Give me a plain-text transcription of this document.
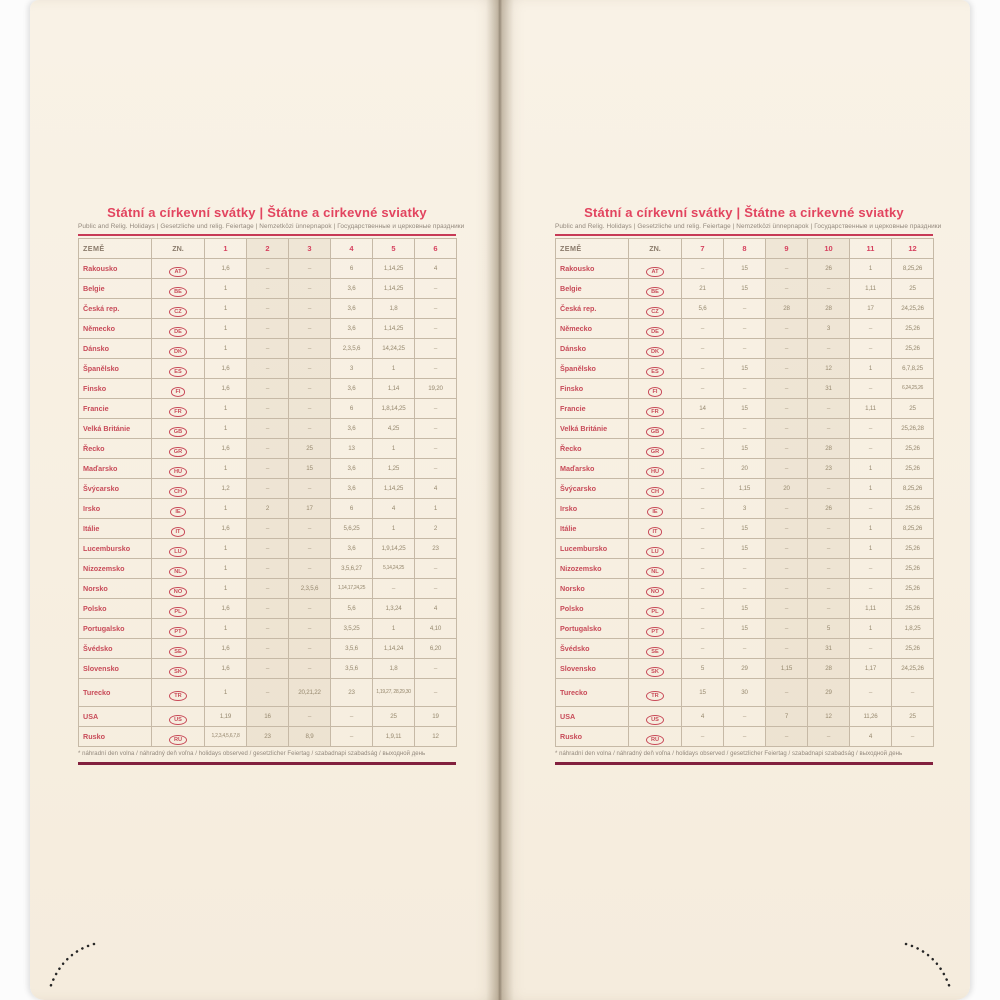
Státní a církevní svátky | Štátne a cirkevné sviatky
Public and Relig. Holidays | Gesetzliche und relig. Feiertage | Nemzetközi ünnepnapok | Государственные и церковные праздники
ZEMĚ	ZN.	1	2	3	4	5	6
Rakousko	AT	1,6	–	–	6	1,14,25	4
Belgie	BE	1	–	–	3,6	1,14,25	–
Česká rep.	CZ	1	–	–	3,6	1,8	–
Německo	DE	1	–	–	3,6	1,14,25	–
Dánsko	DK	1	–	–	2,3,5,6	14,24,25	–
Španělsko	ES	1,6	–	–	3	1	–
Finsko	FI	1,6	–	–	3,6	1,14	19,20
Francie	FR	1	–	–	6	1,8,14,25	–
Velká Británie	GB	1	–	–	3,6	4,25	–
Řecko	GR	1,6	–	25	13	1	–
Maďarsko	HU	1	–	15	3,6	1,25	–
Švýcarsko	CH	1,2	–	–	3,6	1,14,25	4
Irsko	IE	1	2	17	6	4	1
Itálie	IT	1,6	–	–	5,6,25	1	2
Lucembursko	LU	1	–	–	3,6	1,9,14,25	23
Nizozemsko	NL	1	–	–	3,5,6,27	5,14,24,25	–
Norsko	NO	1	–	2,3,5,6	1,14,17,24,25	–	–
Polsko	PL	1,6	–	–	5,6	1,3,24	4
Portugalsko	PT	1	–	–	3,5,25	1	4,10
Švédsko	SE	1,6	–	–	3,5,6	1,14,24	6,20
Slovensko	SK	1,6	–	–	3,5,6	1,8	–
Turecko	TR	1	–	20,21,22	23	1,19,27, 28,29,30	–
USA	US	1,19	16	–	–	25	19
Rusko	RU	1,2,3,4,5,6,7,8	23	8,9	–	1,9,11	12
* náhradní den volna / náhradný deň voľna / holidays observed / gesetzlicher Feiertag / szabadnapi szabadság / выходной день
Státní a církevní svátky | Štátne a cirkevné sviatky
Public and Relig. Holidays | Gesetzliche und relig. Feiertage | Nemzetközi ünnepnapok | Государственные и церковные праздники
ZEMĚ	ZN.	7	8	9	10	11	12
Rakousko	AT	–	15	–	26	1	8,25,26
Belgie	BE	21	15	–	–	1,11	25
Česká rep.	CZ	5,6	–	28	28	17	24,25,26
Německo	DE	–	–	–	3	–	25,26
Dánsko	DK	–	–	–	–	–	25,26
Španělsko	ES	–	15	–	12	1	6,7,8,25
Finsko	FI	–	–	–	31	–	6,24,25,26
Francie	FR	14	15	–	–	1,11	25
Velká Británie	GB	–	–	–	–	–	25,26,28
Řecko	GR	–	15	–	28	–	25,26
Maďarsko	HU	–	20	–	23	1	25,26
Švýcarsko	CH	–	1,15	20	–	1	8,25,26
Irsko	IE	–	3	–	26	–	25,26
Itálie	IT	–	15	–	–	1	8,25,26
Lucembursko	LU	–	15	–	–	1	25,26
Nizozemsko	NL	–	–	–	–	–	25,26
Norsko	NO	–	–	–	–	–	25,26
Polsko	PL	–	15	–	–	1,11	25,26
Portugalsko	PT	–	15	–	5	1	1,8,25
Švédsko	SE	–	–	–	31	–	25,26
Slovensko	SK	5	29	1,15	28	1,17	24,25,26
Turecko	TR	15	30	–	29	–	–
USA	US	4	–	7	12	11,26	25
Rusko	RU	–	–	–	–	4	–
* náhradní den volna / náhradný deň voľna / holidays observed / gesetzlicher Feiertag / szabadnapi szabadság / выходной день
